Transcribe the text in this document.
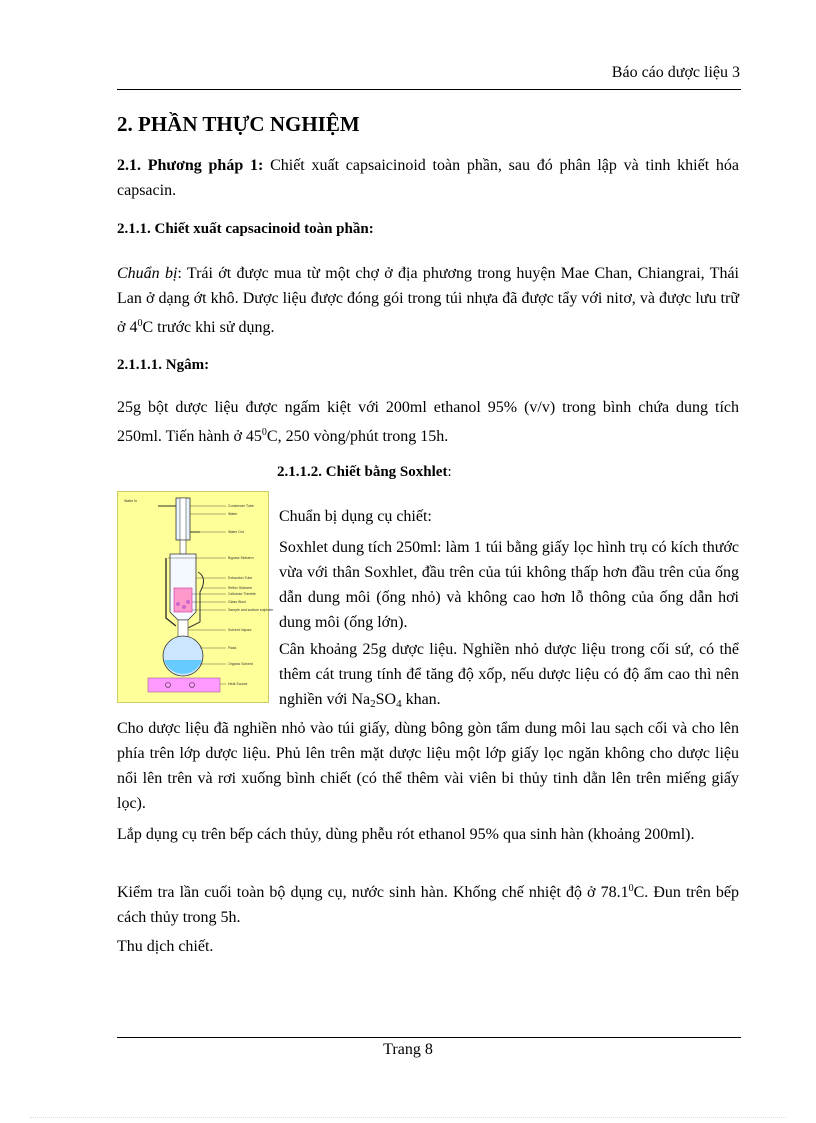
Báo cáo dược liệu 3
2. PHẦN THỰC NGHIỆM

2.1. Phương pháp 1: Chiết xuất capsaicinoid toàn phần, sau đó phân lập và tinh khiết hóa capsacin.

2.1.1. Chiết xuất capsacinoid toàn phần:

Chuẩn bị: Trái ớt được mua từ một chợ ở địa phương trong huyện Mae Chan, Chiangrai, Thái Lan ở dạng ớt khô. Dược liệu được đóng gói trong túi nhựa đã được tẩy với nitơ, và được lưu trữ ở $4^0C$ trước khi sử dụng.

2.1.1.1. Ngâm:

25g bột dược liệu được ngấm kiệt với 200ml ethanol 95% (v/v) trong bình chứa dung tích 250ml. Tiến hành ở $45^0C$, 250 vòng/phút trong 15h.

2.1.1.2. Chiết bằng Soxhlet:
Water In
Condenser Tube
Water
Water Out
Bypass Sidearm
Extraction Tube
Reflux Sidearm
Cellulose Thimble
Glass Wool
Sample and sodium sulphate
Solvent Vapour
Flask
Organic Solvent
Heat Source

Chuẩn bị dụng cụ chiết:

Soxhlet dung tích 250ml: làm 1 túi bằng giấy lọc hình trụ có kích thước vừa với thân Soxhlet, đầu trên của túi không thấp hơn đầu trên của ống dẫn dung môi (ống nhỏ) và không cao hơn lỗ thông của ống dẫn hơi dung môi (ống lớn).

Cân khoảng 25g dược liệu. Nghiền nhỏ dược liệu trong cối sứ, có thể thêm cát trung tính để tăng độ xốp, nếu dược liệu có độ ẩm cao thì nên nghiền với $Na_2SO_4$ khan.

Cho dược liệu đã nghiền nhỏ vào túi giấy, dùng bông gòn tẩm dung môi lau sạch cối và cho lên phía trên lớp dược liệu. Phủ lên trên mặt dược liệu một lớp giấy lọc ngăn không cho dược liệu nổi lên trên và rơi xuống bình chiết (có thể thêm vài viên bi thủy tinh dằn lên trên miếng giấy lọc).

Lắp dụng cụ trên bếp cách thủy, dùng phễu rót ethanol 95% qua sinh hàn (khoảng 200ml).

Kiểm tra lần cuối toàn bộ dụng cụ, nước sinh hàn. Khống chế nhiệt độ ở 78.1$^0$C. Đun trên bếp cách thủy trong 5h.

Thu dịch chiết.

Trang 8
